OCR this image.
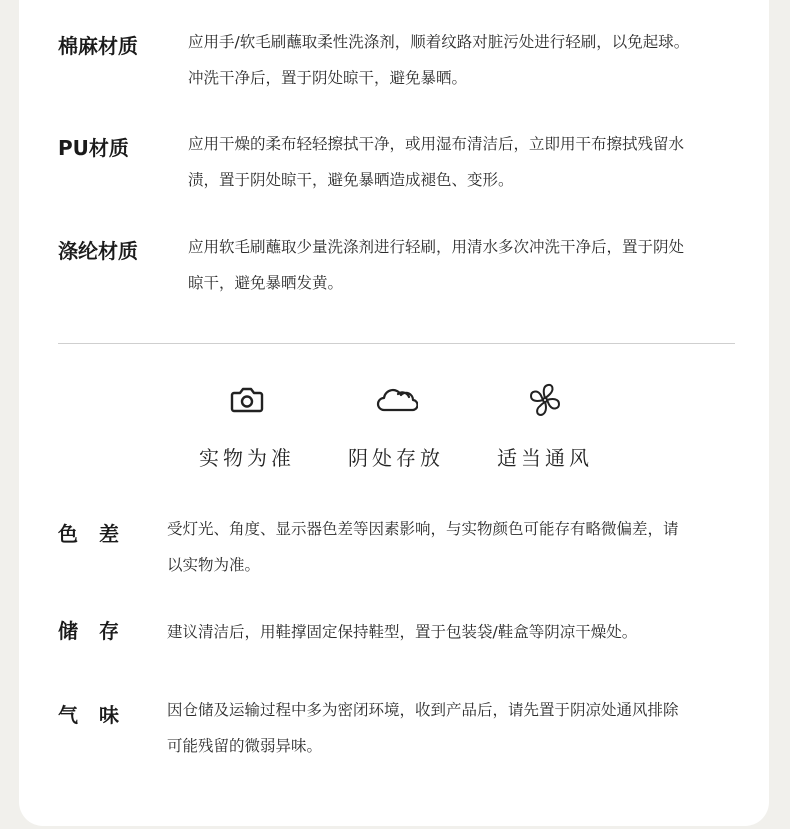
棉麻材质	应用手/软毛刷蘸取柔性洗涤剂，顺着纹路对脏污处进行轻刷，以免起球。
冲洗干净后，置于阴处晾干，避免暴晒。
PU材质	应用干燥的柔布轻轻擦拭干净，或用湿布清洁后，立即用干布擦拭残留水
渍，置于阴处晾干，避免暴晒造成褪色、变形。
涤纶材质	应用软毛刷蘸取少量洗涤剂进行轻刷，用清水多次冲洗干净后，置于阴处
晾干，避免暴晒发黄。
实物为准	阴处存放	适当通风
色 差	受灯光、角度、显示器色差等因素影响，与实物颜色可能存有略微偏差，请
以实物为准。
储 存	建议清洁后，用鞋撑固定保持鞋型，置于包装袋/鞋盒等阴凉干燥处。
气 味	因仓储及运输过程中多为密闭环境，收到产品后，请先置于阴凉处通风排除
可能残留的微弱异味。
